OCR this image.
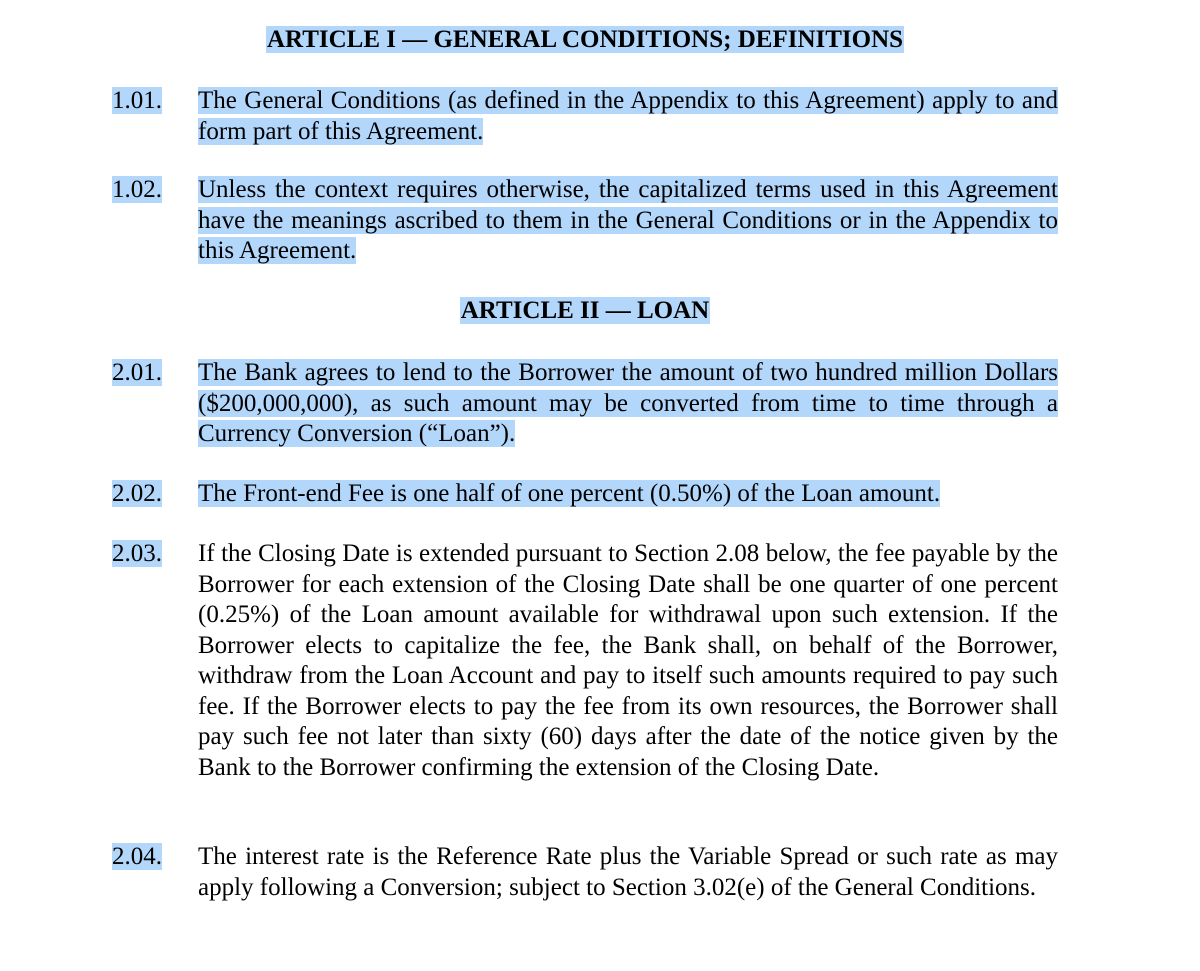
ARTICLE I — GENERAL CONDITIONS; DEFINITIONS
1.01. The General Conditions (as defined in the Appendix to this Agreement) apply to and form part of this Agreement.
1.02. Unless the context requires otherwise, the capitalized terms used in this Agreement have the meanings ascribed to them in the General Conditions or in the Appendix to this Agreement.
ARTICLE II — LOAN
2.01. The Bank agrees to lend to the Borrower the amount of two hundred million Dollars ($200,000,000), as such amount may be converted from time to time through a Currency Conversion (“Loan”).
2.02. The Front-end Fee is one half of one percent (0.50%) of the Loan amount.
2.03. If the Closing Date is extended pursuant to Section 2.08 below, the fee payable by the Borrower for each extension of the Closing Date shall be one quarter of one percent (0.25%) of the Loan amount available for withdrawal upon such extension. If the Borrower elects to capitalize the fee, the Bank shall, on behalf of the Borrower, withdraw from the Loan Account and pay to itself such amounts required to pay such fee. If the Borrower elects to pay the fee from its own resources, the Borrower shall pay such fee not later than sixty (60) days after the date of the notice given by the Bank to the Borrower confirming the extension of the Closing Date.
2.04. The interest rate is the Reference Rate plus the Variable Spread or such rate as may apply following a Conversion; subject to Section 3.02(e) of the General Conditions.
